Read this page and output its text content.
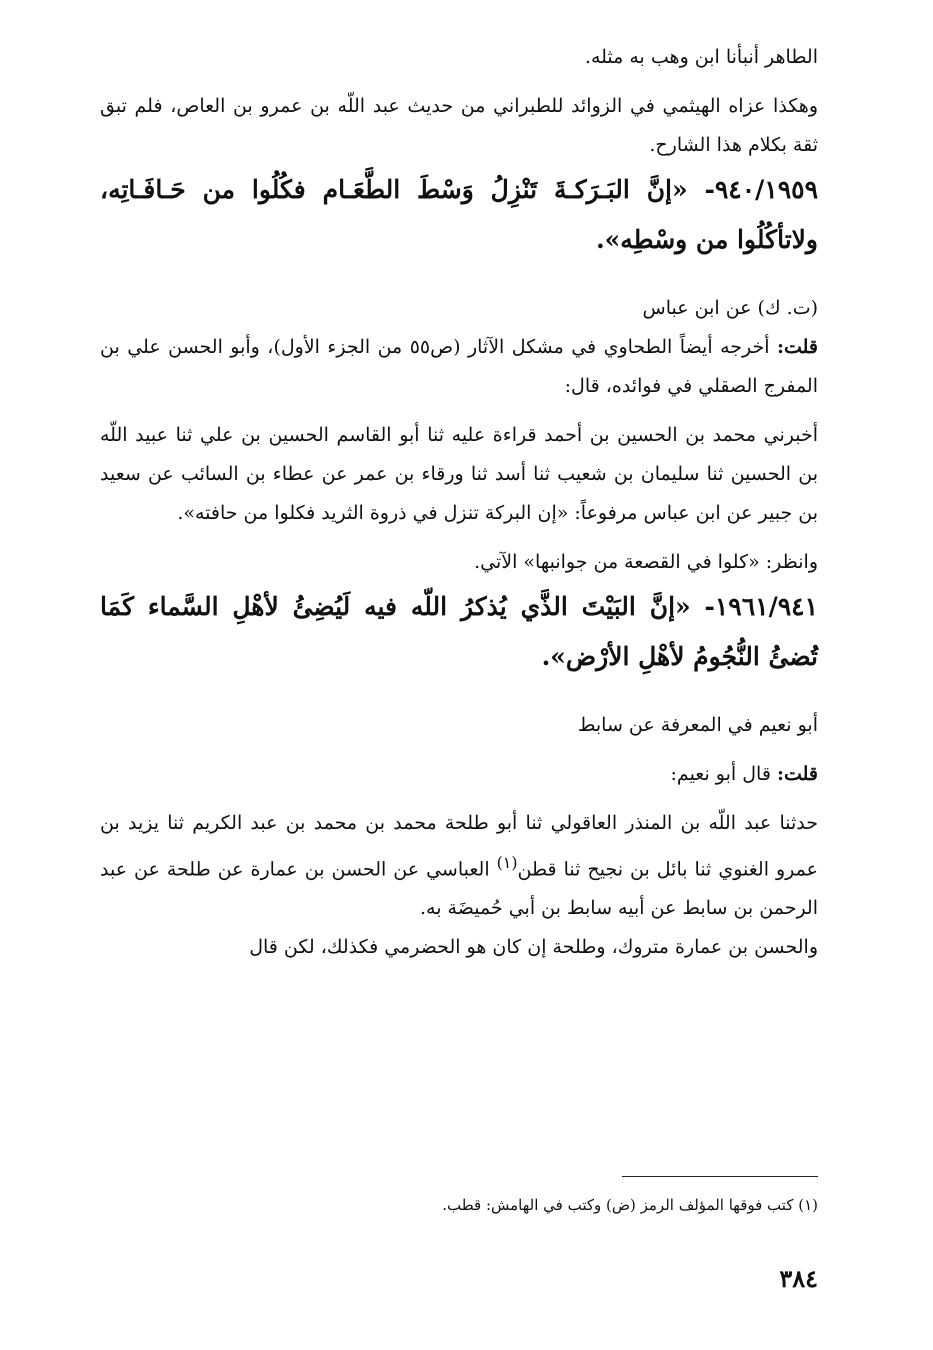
الطاهر أنبأنا ابن وهب به مثله.

وهكذا عزاه الهيثمي في الزوائد للطبراني من حديث عبد اللّه بن عمرو بن العاص، فلم تبق ثقة بكلام هذا الشارح.

٩٤٠/١٩٥٩- «إنَّ البَـرَكـةَ تَنْزِلُ وَسْطَ الطَّعَـام فكُلُوا من حَـافَـاتِه، ولاتأكُلُوا من وسْطِه».

(ت. ك) عن ابن عباس

قلت: أخرجه أيضاً الطحاوي في مشكل الآثار (ص٥٥ من الجزء الأول)، وأبو الحسن علي بن المفرج الصقلي في فوائده، قال:

أخبرني محمد بن الحسين بن أحمد قراءة عليه ثنا أبو القاسم الحسين بن علي ثنا عبيد اللّه بن الحسين ثنا سليمان بن شعيب ثنا أسد ثنا ورقاء بن عمر عن عطاء بن السائب عن سعيد بن جبير عن ابن عباس مرفوعاً: «إن البركة تنزل في ذروة الثريد فكلوا من حافته».

وانظر: «كلوا في القصعة من جوانبها» الآتي.

١٩٦١/٩٤١- «إنَّ البَيْتَ الذَّي يُذكرُ اللّه فيه لَيُضِئُ لأهْلِ السَّماء كَمَا تُضئُ النُّجُومُ لأهْلِ الأرْض».

أبو نعيم في المعرفة عن سابط

قلت: قال أبو نعيم:

حدثنا عبد اللّه بن المنذر العاقولي ثنا أبو طلحة محمد بن محمد بن عبد الكريم ثنا يزيد بن عمرو الغنوي ثنا بائل بن نجيح ثنا قطن$^{(١)}$ العباسي عن الحسن بن عمارة عن طلحة عن عبد الرحمن بن سابط عن أبيه سابط بن أبي حُميضَة به.

والحسن بن عمارة متروك، وطلحة إن كان هو الحضرمي فكذلك، لكن قال

(١) كتب فوقها المؤلف الرمز (ض) وكتب في الهامش: قطب.
٣٨٤
